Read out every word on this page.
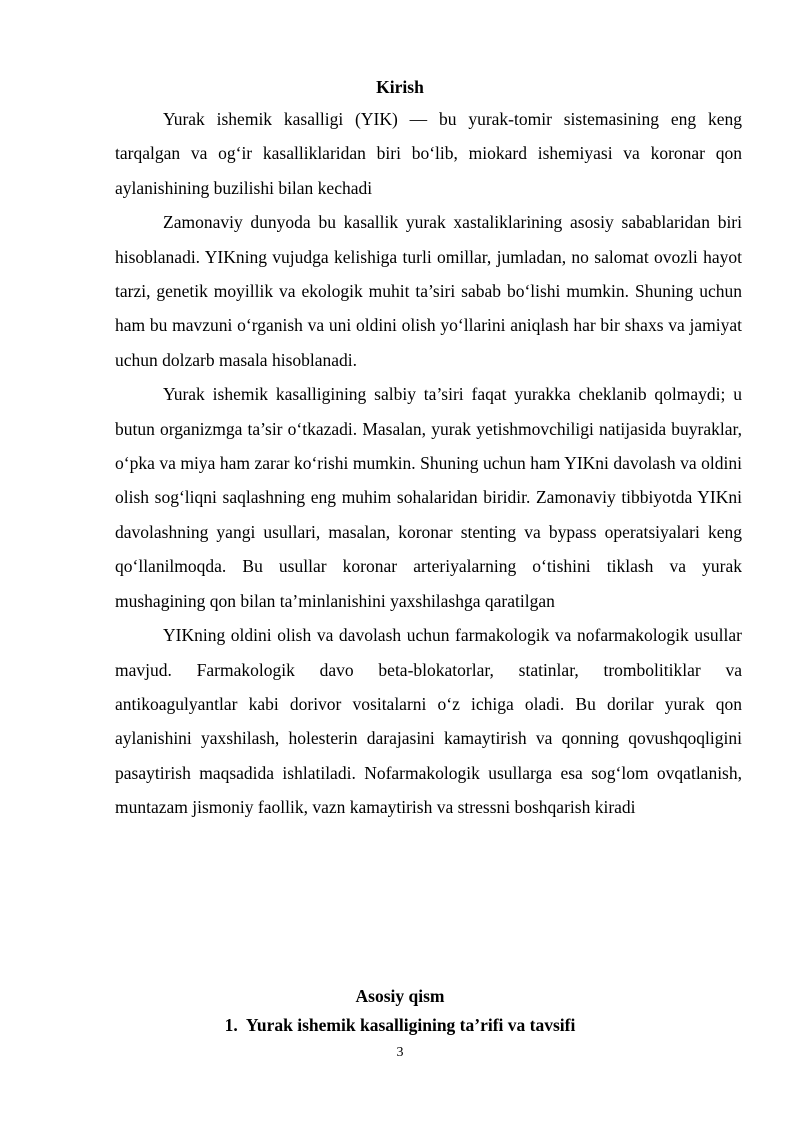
Kirish

Yurak ishemik kasalligi (YIK) — bu yurak-tomir sistemasining eng keng tarqalgan va og‘ir kasalliklaridan biri bo‘lib, miokard ishemiyasi va koronar qon aylanishining buzilishi bilan kechadi

Zamonaviy dunyoda bu kasallik yurak xastaliklarining asosiy sabablaridan biri hisoblanadi. YIKning vujudga kelishiga turli omillar, jumladan, no salomat ovozli hayot tarzi, genetik moyillik va ekologik muhit ta’siri sabab bo‘lishi mumkin. Shuning uchun ham bu mavzuni o‘rganish va uni oldini olish yo‘llarini aniqlash har bir shaxs va jamiyat uchun dolzarb masala hisoblanadi.

Yurak ishemik kasalligining salbiy ta’siri faqat yurakka cheklanib qolmaydi; u butun organizmga ta’sir o‘tkazadi. Masalan, yurak yetishmovchiligi natijasida buyraklar, o‘pka va miya ham zarar ko‘rishi mumkin. Shuning uchun ham YIKni davolash va oldini olish sog‘liqni saqlashning eng muhim sohalaridan biridir. Zamonaviy tibbiyotda YIKni davolashning yangi usullari, masalan, koronar stenting va bypass operatsiyalari keng qo‘llanilmoqda. Bu usullar koronar arteriyalarning o‘tishini tiklash va yurak mushagining qon bilan ta’minlanishini yaxshilashga qaratilgan

YIKning oldini olish va davolash uchun farmakologik va nofarmakologik usullar mavjud. Farmakologik davo beta-blokatorlar, statinlar, trombolitiklar va antikoagulyantlar kabi dorivor vositalarni o‘z ichiga oladi. Bu dorilar yurak qon aylanishini yaxshilash, holesterin darajasini kamaytirish va qonning qovushqoqligini pasaytirish maqsadida ishlatiladi. Nofarmakologik usullarga esa sog‘lom ovqatlanish, muntazam jismoniy faollik, vazn kamaytirish va stressni boshqarish kiradi

Asosiy qism
1. Yurak ishemik kasalligining ta’rifi va tavsifi
3
